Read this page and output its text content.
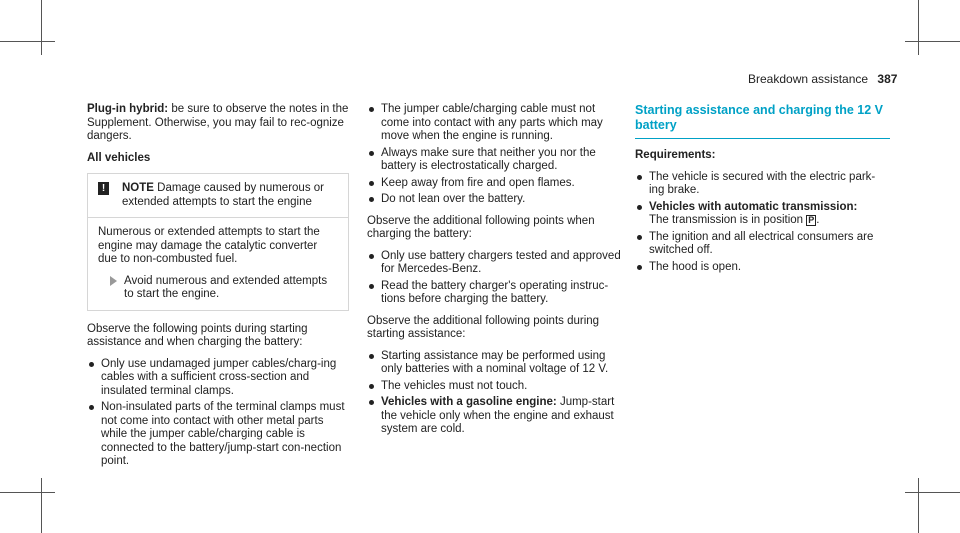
Breakdown assistance 387

Plug-in hybrid: be sure to observe the notes in the Supplement. Otherwise, you may fail to rec-ognize dangers.

All vehicles

!	NOTE Damage caused by numerous or extended attempts to start the engine
Numerous or extended attempts to start the engine may damage the catalytic converter due to non-combusted fuel.
Avoid numerous and extended attempts to start the engine.

Observe the following points during starting assistance and when charging the battery:

Only use undamaged jumper cables/charg-ing cables with a sufficient cross-section and insulated terminal clamps.
Non-insulated parts of the terminal clamps must not come into contact with other metal parts while the jumper cable/charging cable is connected to the battery/jump-start con-nection point.
The jumper cable/charging cable must not come into contact with any parts which may move when the engine is running.
Always make sure that neither you nor the battery is electrostatically charged.
Keep away from fire and open flames.
Do not lean over the battery.

Observe the additional following points when charging the battery:

Only use battery chargers tested and approved for Mercedes-Benz.
Read the battery charger's operating instruc-tions before charging the battery.

Observe the additional following points during starting assistance:

Starting assistance may be performed using only batteries with a nominal voltage of 12 V.
The vehicles must not touch.
Vehicles with a gasoline engine: Jump-start the vehicle only when the engine and exhaust system are cold.
Starting assistance and charging the 12 V battery

Requirements:

The vehicle is secured with the electric park-ing brake.
Vehicles with automatic transmission:
The transmission is in position P .
The ignition and all electrical consumers are switched off.
The hood is open.
